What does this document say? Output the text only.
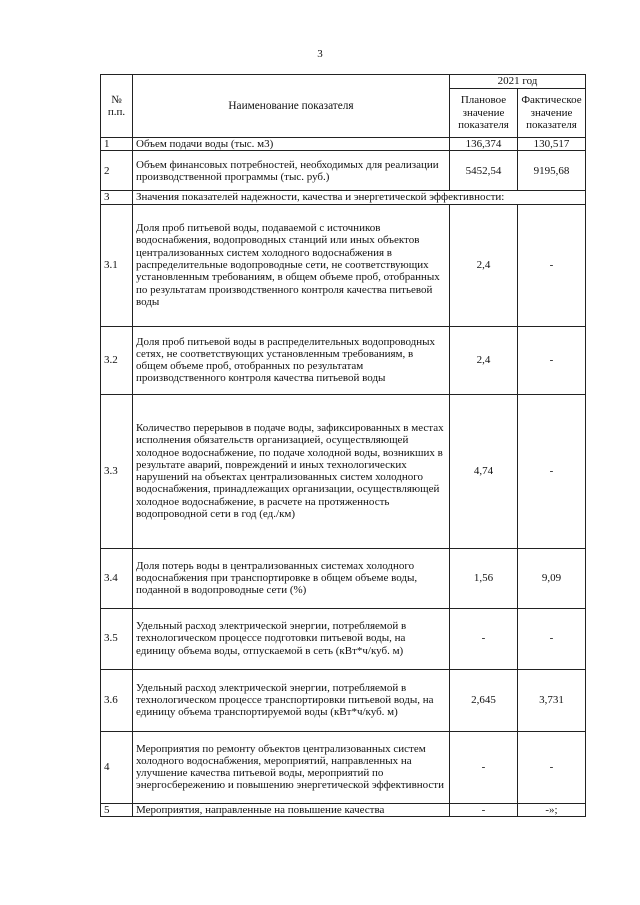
3
№ п.п.	Наименование показателя	2021 год	
		Плановое значение показателя	Фактическое значение показателя
1	Объем подачи воды (тыс. м3)	136,374	130,517
2	Объем финансовых потребностей, необходимых для реализации производственной программы (тыс. руб.)	5452,54	9195,68
3	Значения показателей надежности, качества и энергетической эффективности:		
3.1	Доля проб питьевой воды, подаваемой с источников водоснабжения, водопроводных станций или иных объектов централизованных систем холодного водоснабжения в распределительные водопроводные сети, не соответствующих установленным требованиям, в общем объеме проб, отобранных по результатам производственного контроля качества питьевой воды	2,4	-
3.2	Доля проб питьевой воды в распределительных водопроводных сетях, не соответствующих установленным требованиям, в общем объеме проб, отобранных по результатам производственного контроля качества питьевой воды	2,4	-
3.3	Количество перерывов в подаче воды, зафиксированных в местах исполнения обязательств организацией, осуществляющей холодное водоснабжение, по подаче холодной воды, возникших в результате аварий, повреждений и иных технологических нарушений на объектах централизованных систем холодного водоснабжения, принадлежащих организации, осуществляющей холодное водоснабжение, в расчете на протяженность водопроводной сети в год (ед./км)	4,74	-
3.4	Доля потерь воды в централизованных системах холодного водоснабжения при транспортировке в общем объеме воды, поданной в водопроводные сети (%)	1,56	9,09
3.5	Удельный расход электрической энергии, потребляемой в технологическом процессе подготовки питьевой воды, на единицу объема воды, отпускаемой в сеть (кВт*ч/куб. м)	-	-
3.6	Удельный расход электрической энергии, потребляемой в технологическом процессе транспортировки питьевой воды, на единицу объема транспортируемой воды (кВт*ч/куб. м)	2,645	3,731
4	Мероприятия по ремонту объектов централизованных систем холодного водоснабжения, мероприятий, направленных на улучшение качества питьевой воды, мероприятий по энергосбережению и повышению энергетической эффективности	-	-
5	Мероприятия, направленные на повышение качества	-	-»;
